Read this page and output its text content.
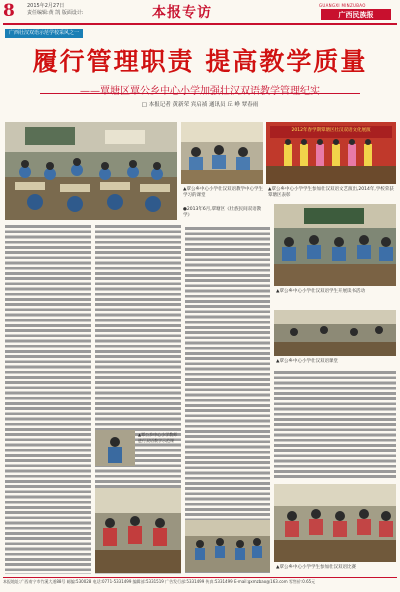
8 2015年2月27日
责任编辑:黄 凯 版面设计:	本报专访	GUANGXI MINZUBAO
广西民族报
广西壮汉双语示范学校采风之一
履行管理职责 提高教学质量
——覃塘区覃公乡中心小学加强壮汉双语教学管理纪实
□ 本报记者 黄新荣 宾启祯 通讯员 丘 峥 覃春雨
2012年春学期覃塘区壮汉双语文化展演
▲覃公乡中心小学壮汉双语教学中心学生学习的课堂
▲覃公乡中心小学学生参加壮汉双语文艺演出,2014年,学校荣获覃塘区表彰
●2013年6月,覃塘区《壮族民间双语教学》
▲覃公乡中心小学教师进行双语教学示范课
▲覃公乡中心小学壮汉双语学生开展读书活动
▲覃公乡中心小学壮汉双语课堂
▲覃公乡中心小学学生参加壮汉双语比赛
本报地址:广西南宁市竹溪大道88号 邮编:530028 电话:0771-5331499 编辑部:5331519 广告发行部:5331499 传真:5331499 E-mail:gxmzbao@163.com 零售价:0.65元
